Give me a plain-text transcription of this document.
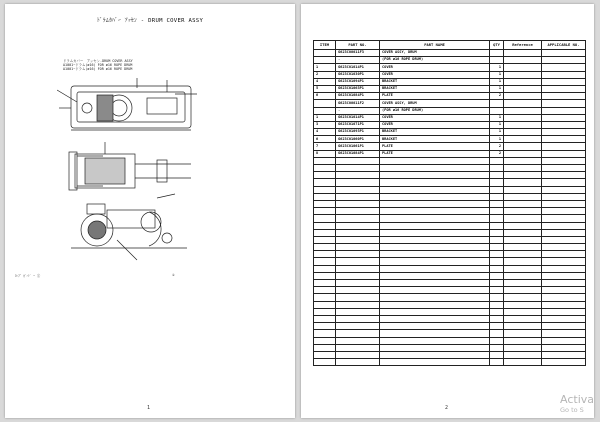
ﾄﾞﾗﾑｶﾊﾞｰ ｱｯｾﾝ - DRUM COVER ASSY
ドラムカバー　アッセン-DRUM COVER ASSY
A1001~ドラム(ø16) FOR ø16 ROPE DRUM
A1001~ドラム(ø16) FOR ø16 ROPE DRUM
ﾛｰﾌﾟ ｶﾞｰﾄﾞ ~ ①	②
1
ITEM	PART NO.	PART NAME	QTY	Reference	APPLICABLE NO.
	G623C00011F3	COVER ASSY, DRUM			
	.	(FOR ø16 ROPE DRUM)			
1	G623C01014P1	COVER	1		
2	G623C01030P1	COVER	1		
4	G623C01094P1	BRACKET	1		
5	G623C01063P1	BRACKET	1		
6	G623C01084P1	PLATE	2		
	G623C00011F2	COVER ASSY, DRUM			
	.	(FOR ø16 ROPE DRUM)			
1	G623C01014P1	COVER	1		
3	G623C01071P1	COVER	1		
4	G623C01093P1	BRACKET	1		
6	G623C01060P1	BRACKET	1		
7	G623C01061P1	PLATE	2		
8	G623C01084P1	PLATE	2		

2
Activa
Go to S
